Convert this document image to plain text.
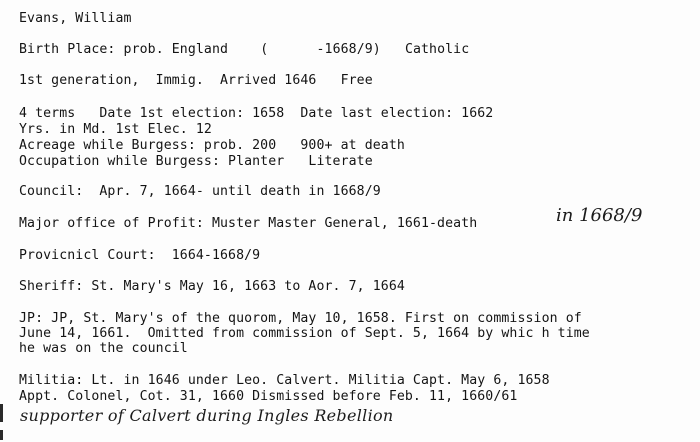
Evans, William
Birth Place: prob. England (      -1668/9) Catholic
1st generation,  Immig.  Arrived 1646   Free
4 terms   Date 1st election: 1658  Date last election: 1662
Yrs. in Md. 1st Elec. 12
Acreage while Burgess: prob. 200   900+ at death
Occupation while Burgess: Planter   Literate
Council:  Apr. 7, 1664- until death in 1668/9
Major office of Profit: Muster Master General, 1661-death	in 1668/9
Provicnicl Court:  1664-1668/9
Sheriff: St. Mary's May 16, 1663 to Aor. 7, 1664
JP: JP, St. Mary's of the quorom, May 10, 1658. First on commission of
June 14, 1661.  Omitted from commission of Sept. 5, 1664 by whic h time
he was on the council
Militia: Lt. in 1646 under Leo. Calvert. Militia Capt. May 6, 1658
Appt. Colonel, Cot. 31, 1660 Dismissed before Feb. 11, 1660/61
supporter of Calvert during Ingles Rebellion
